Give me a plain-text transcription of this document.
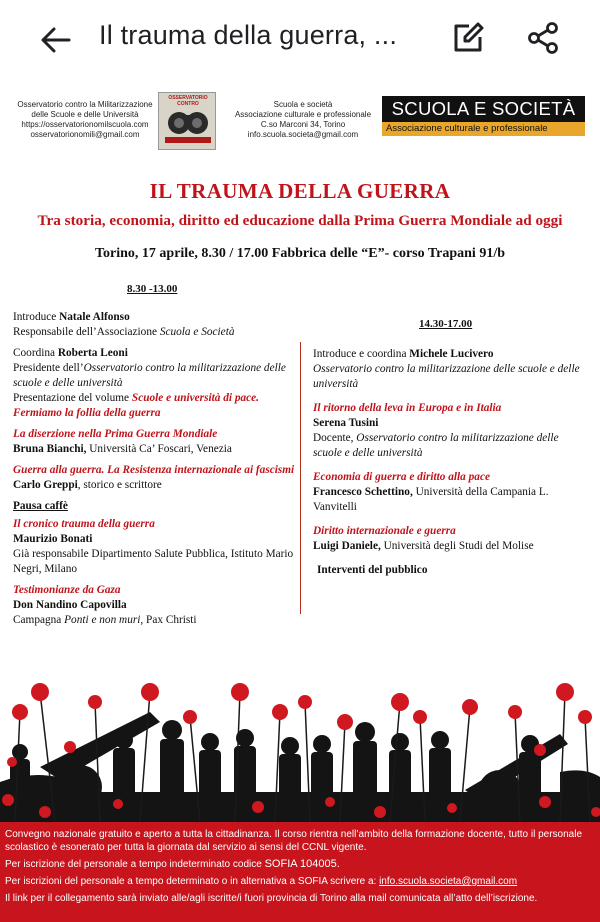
Il trauma della guerra, ...
Osservatorio contro la Militarizzazione
delle Scuole e delle Università
https://osservatorionomilscuola.com
osservatorionomili@gmail.com
OSSERVATORIO CONTRO	Scuola e società
Associazione culturale e professionale
C.so Marconi 34, Torino
info.scuola.societa@gmail.com
SCUOLA E SOCIETÀ
Associazione culturale e professionale
IL TRAUMA DELLA GUERRA
Tra storia, economia, diritto ed educazione dalla Prima Guerra Mondiale ad oggi
Torino, 17 aprile, 8.30 / 17.00 Fabbrica delle “E”- corso Trapani 91/b
8.30 -13.00
14.30-17.00
Introduce Natale Alfonso
Responsabile dell’Associazione Scuola e Società
Coordina Roberta Leoni
Presidente dell’Osservatorio contro la militarizzazione delle scuole e delle università
Presentazione del volume Scuole e università di pace. Fermiamo la follia della guerra
La diserzione nella Prima Guerra Mondiale
Bruna Bianchi, Università Ca’ Foscari, Venezia
Guerra alla guerra. La Resistenza internazionale ai fascismi
Carlo Greppi, storico e scrittore
Pausa caffè
Il cronico trauma della guerra
Maurizio Bonati
Già responsabile Dipartimento Salute Pubblica, Istituto Mario Negri, Milano
Testimonianze da Gaza
Don Nandino Capovilla
Campagna Ponti e non muri, Pax Christi
Introduce e coordina Michele Lucivero
Osservatorio contro la militarizzazione delle scuole e delle università
Il ritorno della leva in Europa e in Italia
Serena Tusini
Docente, Osservatorio contro la militarizzazione delle scuole e delle università
Economia di guerra e diritto alla pace
Francesco Schettino, Università della Campania L. Vanvitelli
Diritto internazionale e guerra
Luigi Daniele, Università degli Studi del Molise
Interventi del pubblico

Convegno nazionale gratuito e aperto a tutta la cittadinanza. Il corso rientra nell’ambito della formazione docente, tutto il personale scolastico è esonerato per tutta la giornata dal servizio ai sensi del CCNL vigente.

Per iscrizione del personale a tempo indeterminato codice SOFIA 104005.

Per iscrizioni del personale a tempo determinato o in alternativa a SOFIA scrivere a: info.scuola.societa@gmail.com

Il link per il collegamento sarà inviato alle/agli iscritte/i fuori provincia di Torino alla mail comunicata all’atto dell’iscrizione.
